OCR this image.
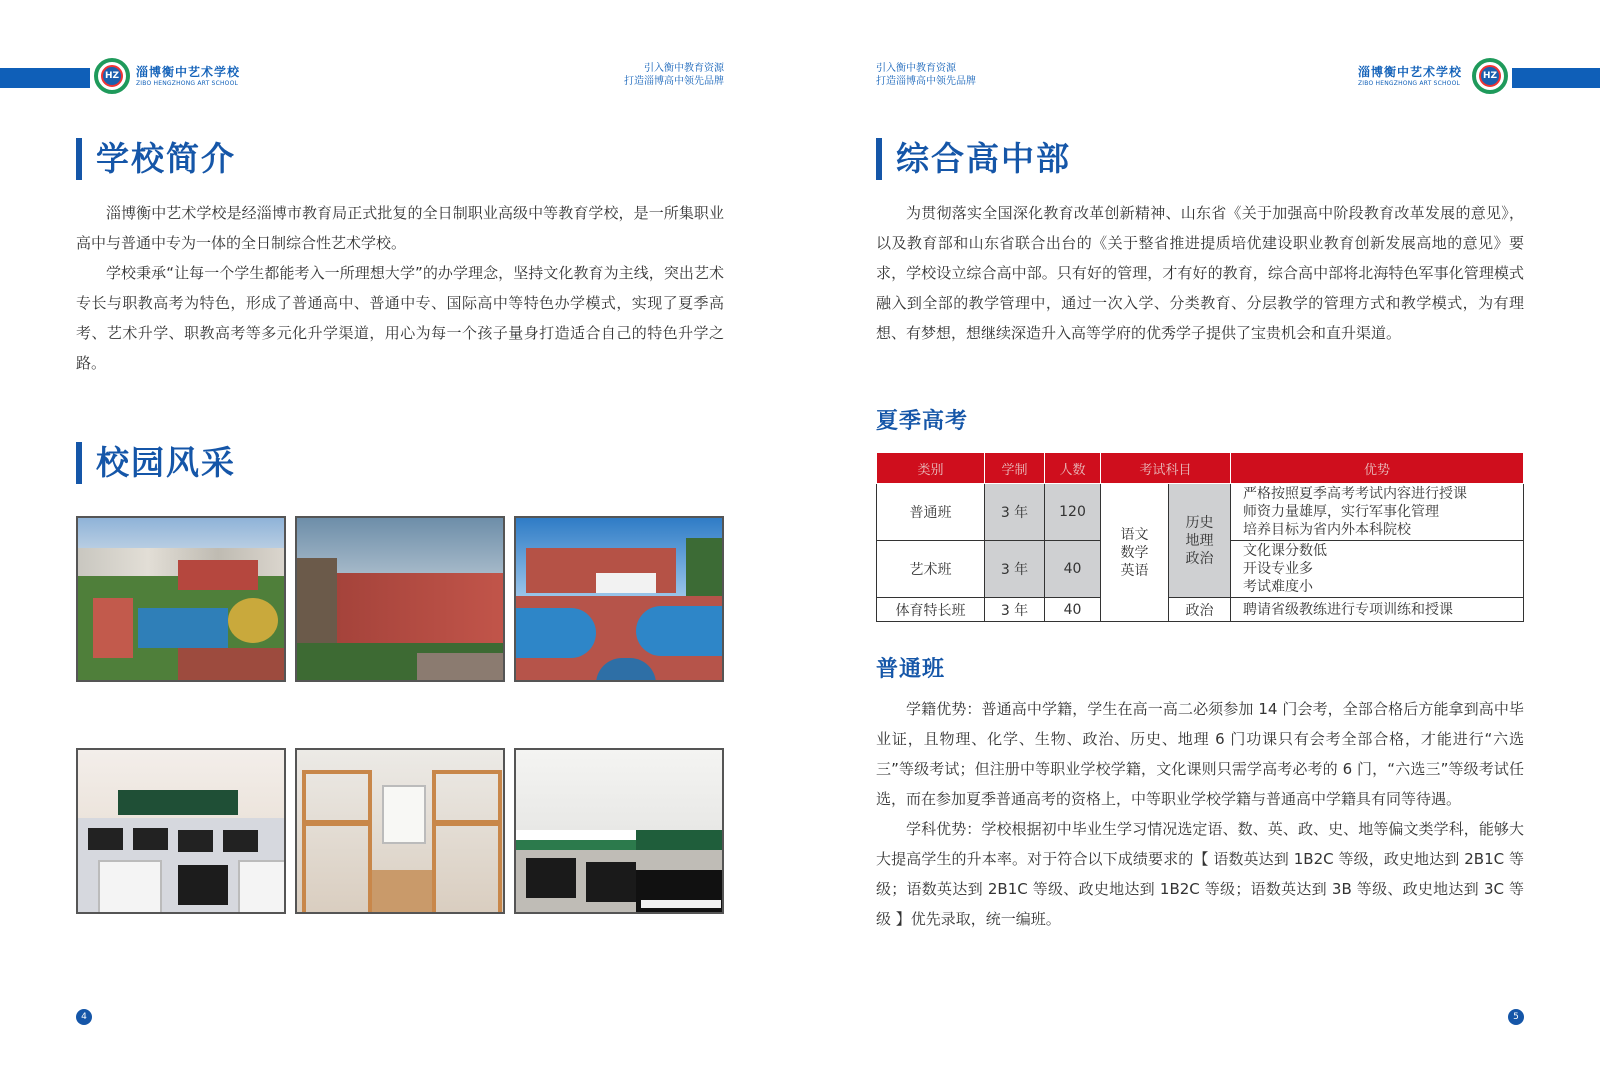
HZ	淄博衡中艺术学校
ZIBO HENGZHONG ART SCHOOL
引入衡中教育资源
打造淄博高中领先品牌
引入衡中教育资源
打造淄博高中领先品牌
淄博衡中艺术学校
ZIBO HENGZHONG ART SCHOOL
HZ
学校简介

淄博衡中艺术学校是经淄博市教育局正式批复的全日制职业高级中等教育学校，是一所集职业高中与普通中专为一体的全日制综合性艺术学校。

学校秉承“让每一个学生都能考入一所理想大学”的办学理念，坚持文化教育为主线，突出艺术专长与职教高考为特色，形成了普通高中、普通中专、国际高中等特色办学模式，实现了夏季高考、艺术升学、职教高考等多元化升学渠道，用心为每一个孩子量身打造适合自己的特色升学之路。

校园风采
4
综合高中部

为贯彻落实全国深化教育改革创新精神、山东省《关于加强高中阶段教育改革发展的意见》，以及教育部和山东省联合出台的《关于整省推进提质培优建设职业教育创新发展高地的意见》要求，学校设立综合高中部。只有好的管理，才有好的教育，综合高中部将北海特色军事化管理模式融入到全部的教学管理中，通过一次入学、分类教育、分层教学的管理方式和教学模式，为有理想、有梦想，想继续深造升入高等学府的优秀学子提供了宝贵机会和直升渠道。

夏季高考
类别	学制	人数	考试科目		优势
普通班	3 年	120	语文
数学
英语	历史
地理
政治	严格按照夏季高考考试内容进行授课
师资力量雄厚，实行军事化管理
培养目标为省内外本科院校

艺术班	3 年	40			文化课分数低
开设专业多
考试难度小

体育特长班	3 年	40		政治	聘请省级教练进行专项训练和授课
普通班

学籍优势：普通高中学籍，学生在高一高二必须参加 14 门会考，全部合格后方能拿到高中毕业证，且物理、化学、生物、政治、历史、地理 6 门功课只有会考全部合格，才能进行“六选三”等级考试；但注册中等职业学校学籍，文化课则只需学高考必考的 6 门，“六选三”等级考试任选，而在参加夏季普通高考的资格上，中等职业学校学籍与普通高中学籍具有同等待遇。

学科优势：学校根据初中毕业生学习情况选定语、数、英、政、史、地等偏文类学科，能够大大提高学生的升本率。对于符合以下成绩要求的【 语数英达到 1B2C 等级，政史地达到 2B1C 等级；语数英达到 2B1C 等级、政史地达到 1B2C 等级；语数英达到 3B 等级、政史地达到 3C 等级 】优先录取，统一编班。

5
